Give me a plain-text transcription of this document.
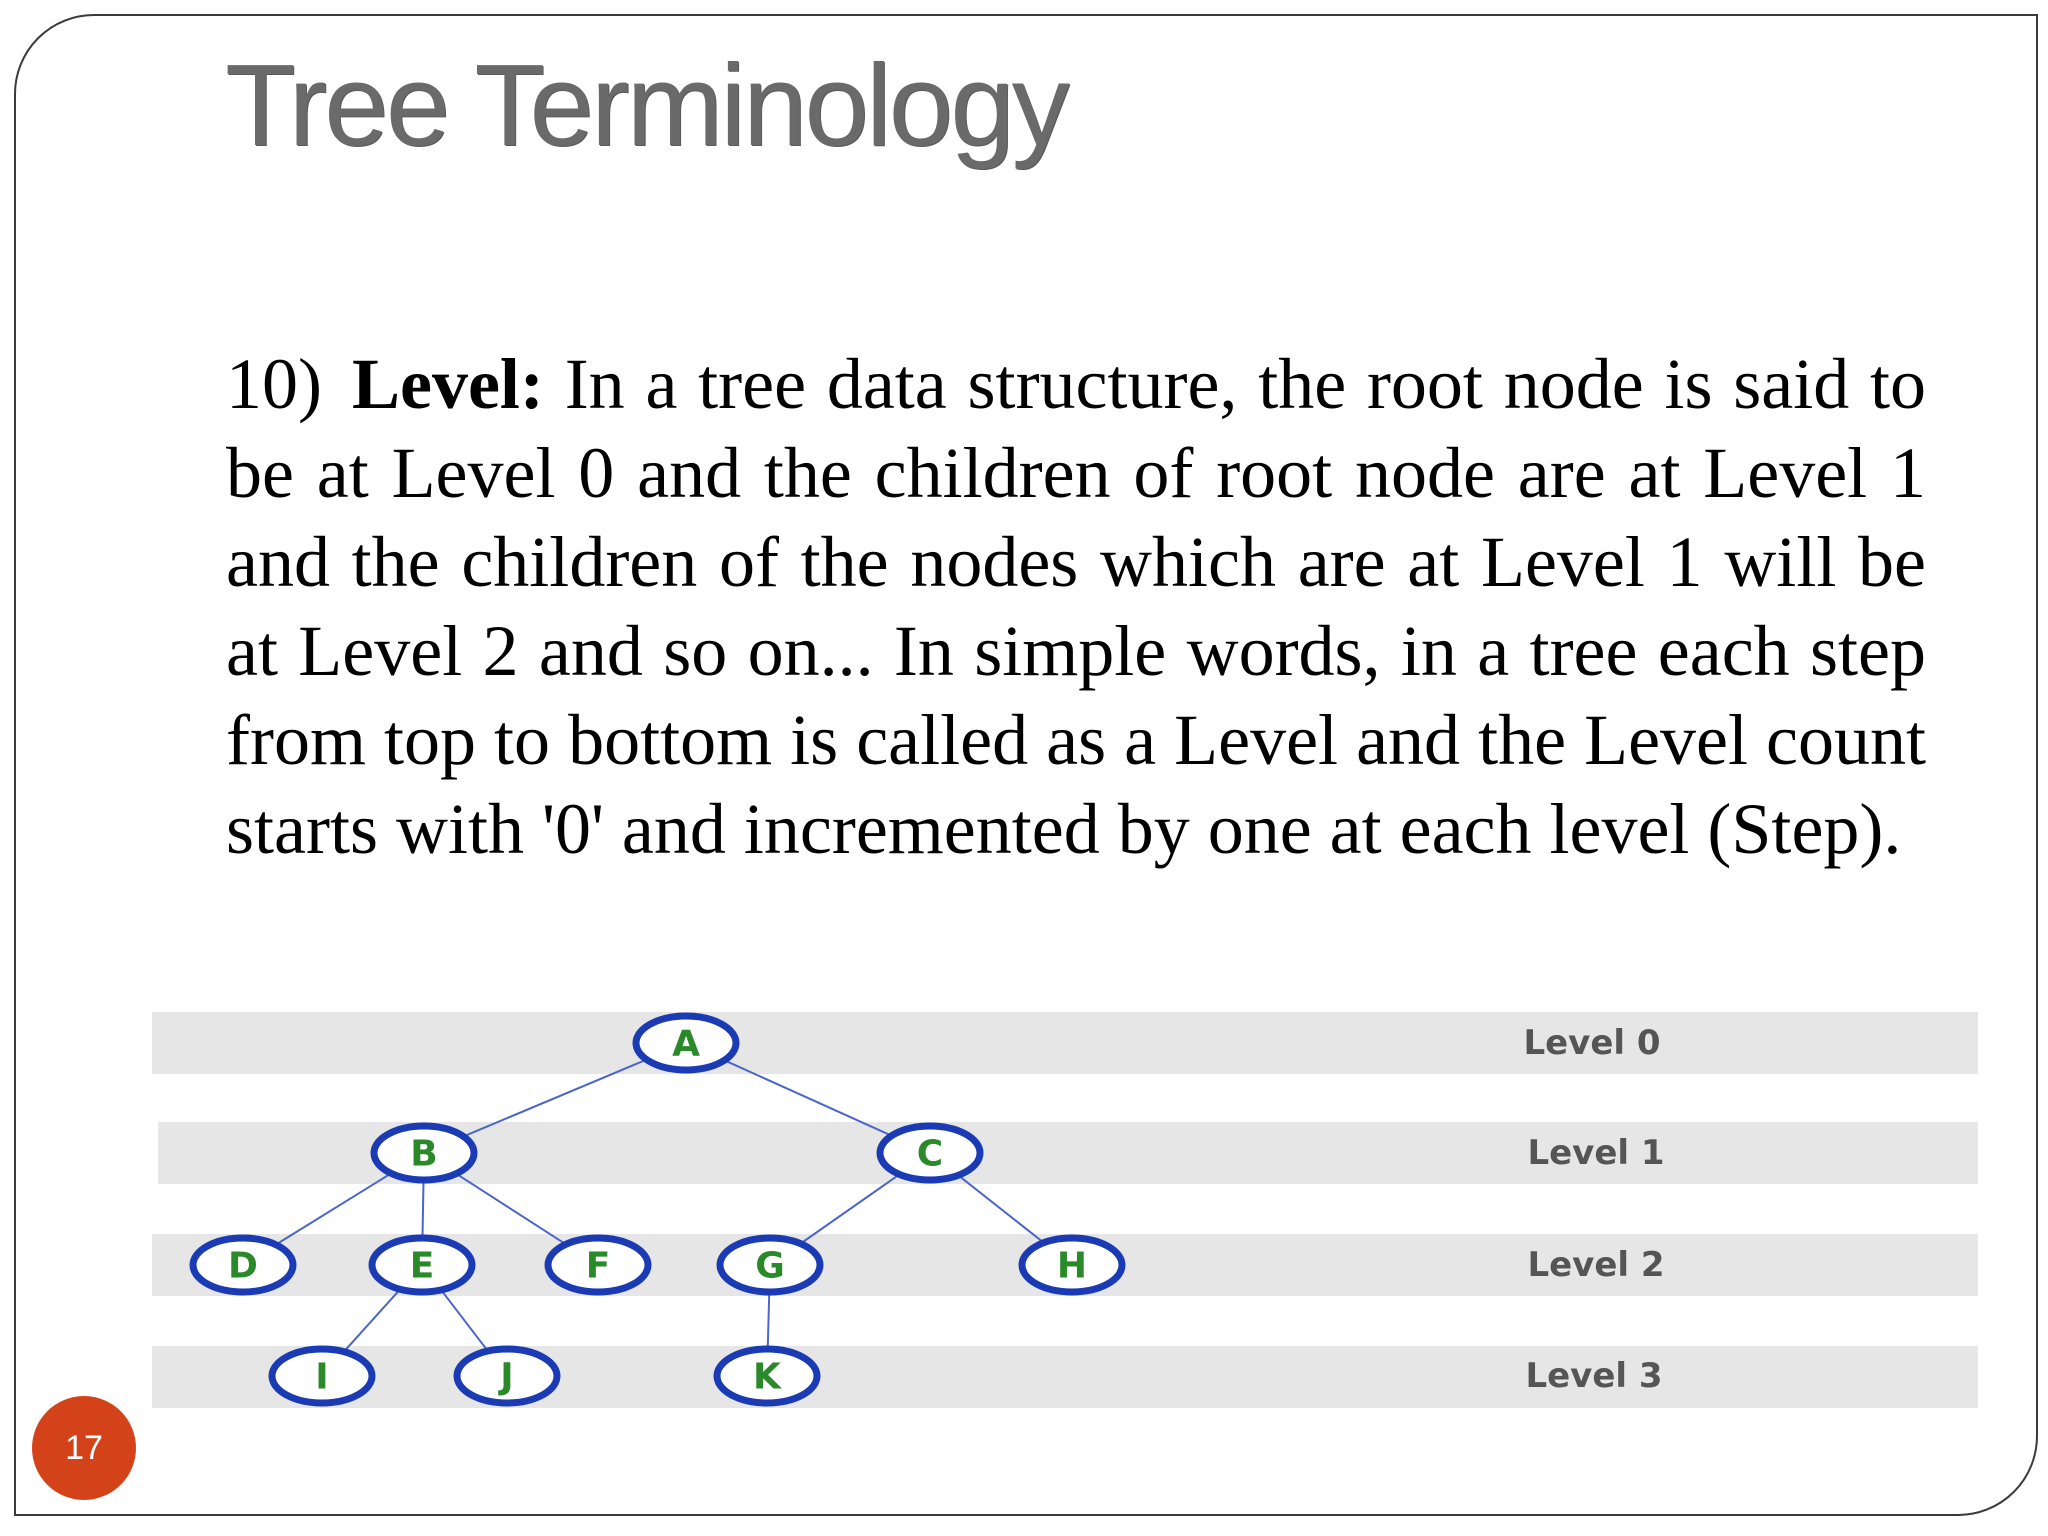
Tree Terminology
10) Level: In a tree data structure, the root node is said to be at Level 0 and the children of root node are at Level 1 and the children of the nodes which are at Level 1 will be at Level 2 and so on... In simple words, in a tree each step from top to bottom is called as a Level and the Level count starts with '0' and incremented by one at each level (Step).
Level 0
Level 1
Level 2
Level 3
A
B	C
D	E	F	G	H
I	J	K
17
